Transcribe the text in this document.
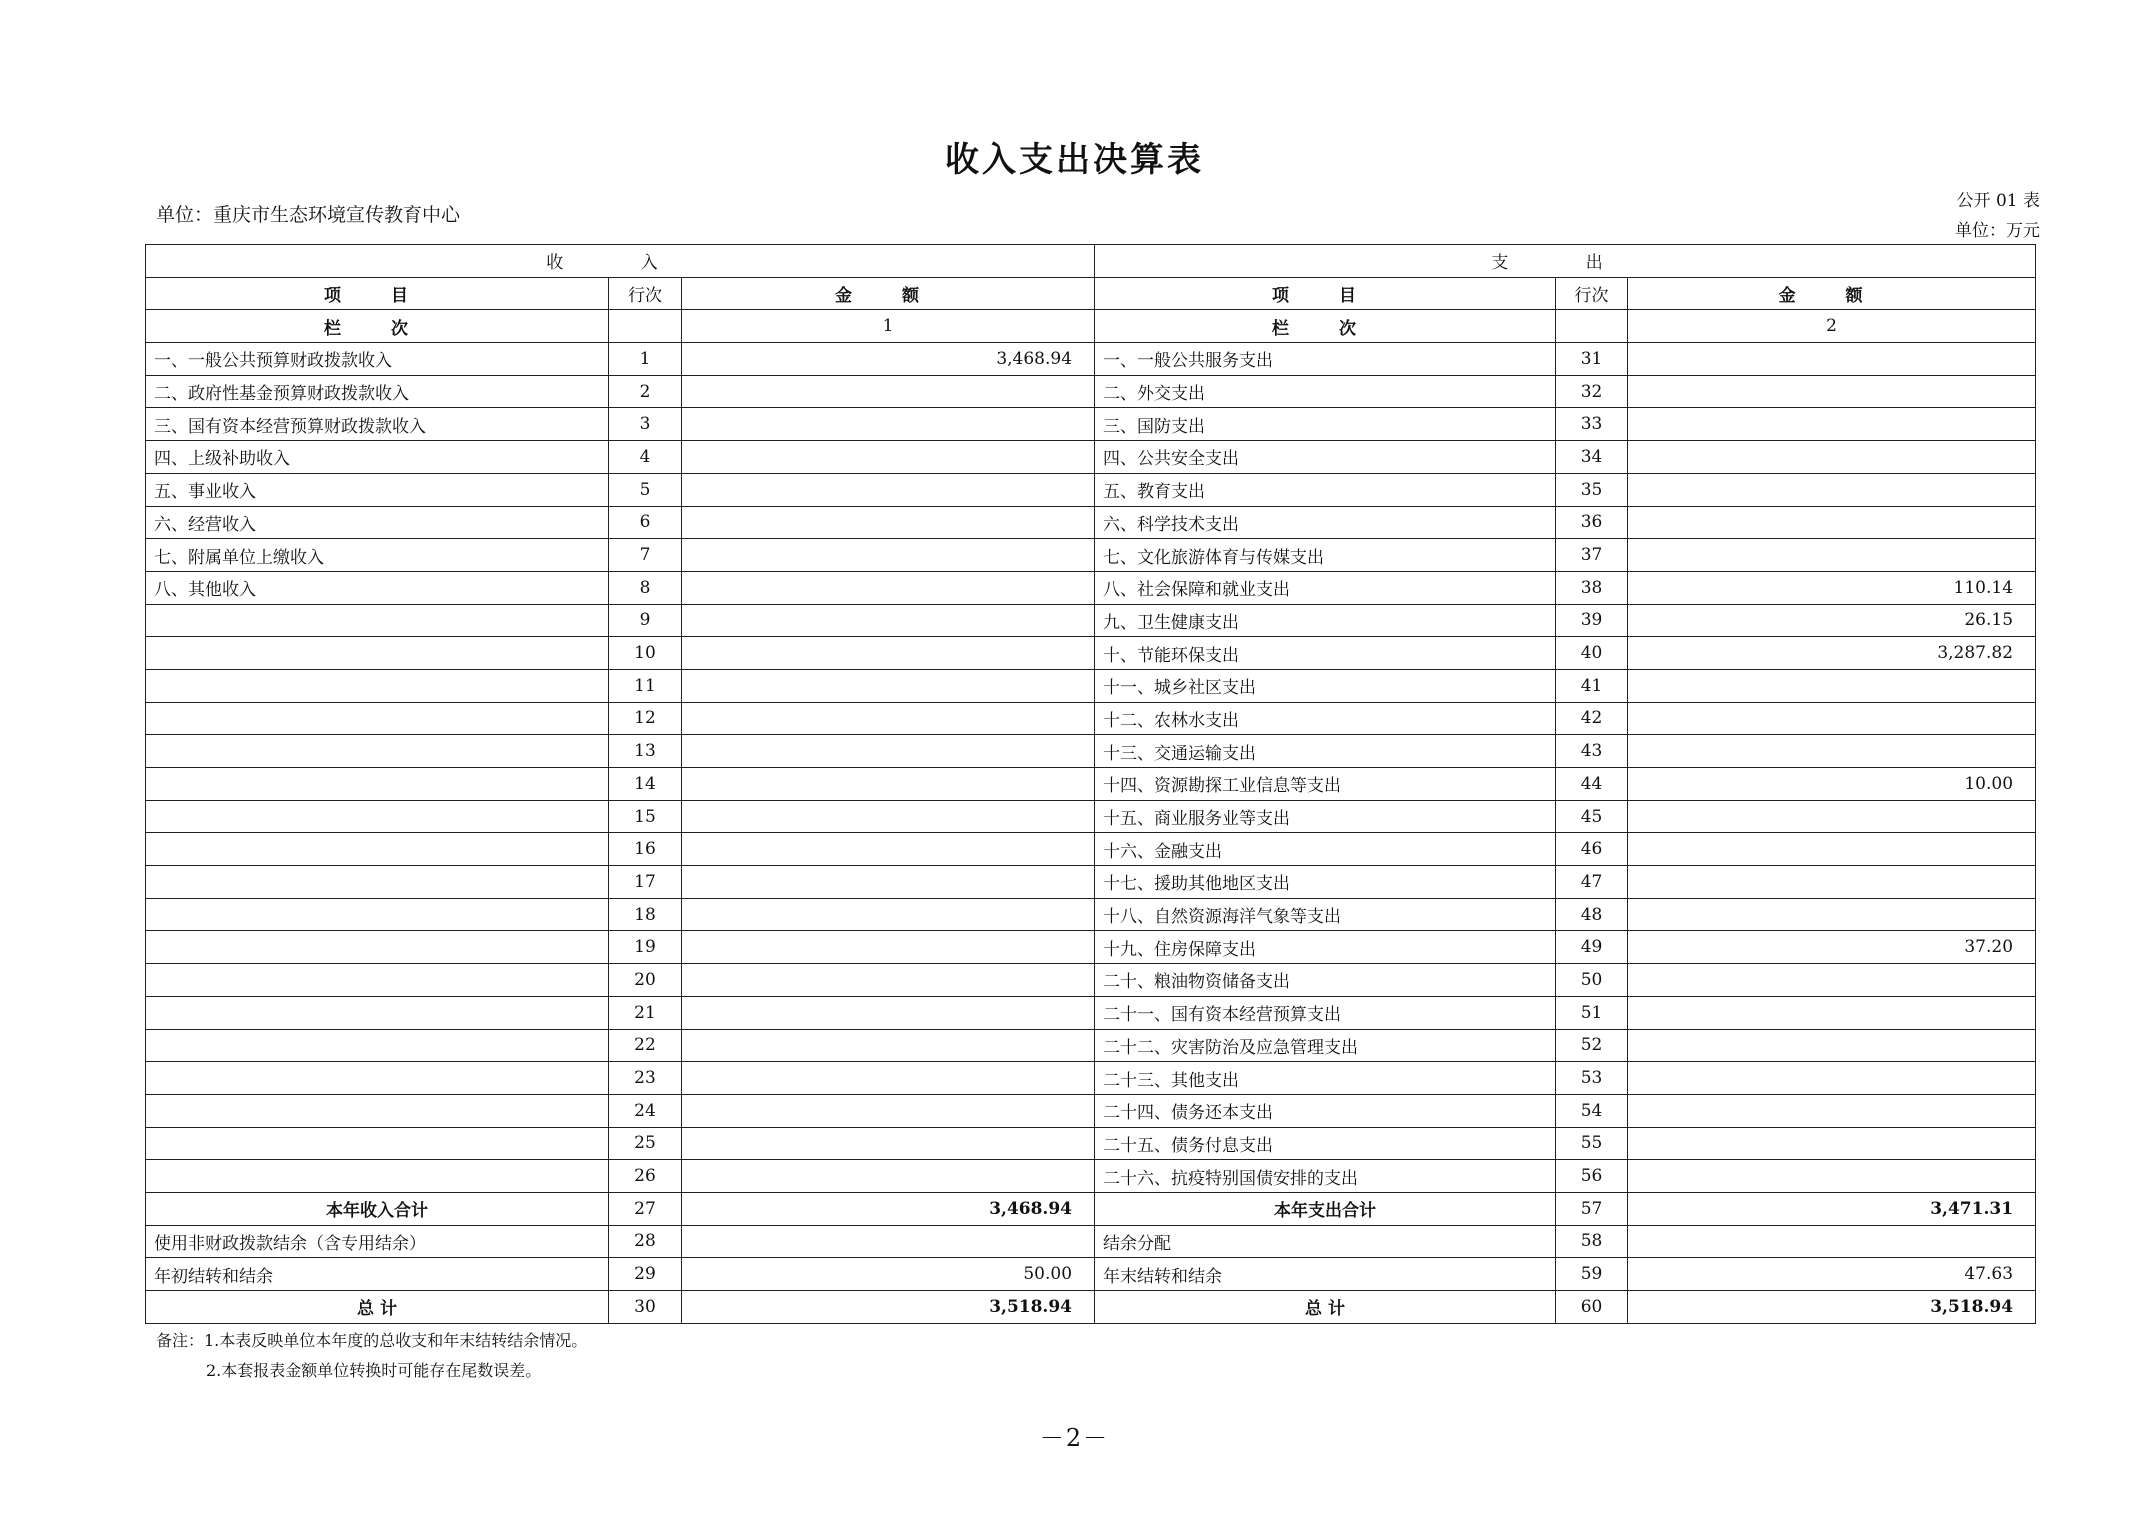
收入支出决算表
单位：重庆市生态环境宣传教育中心
公开 01 表
单位：万元
收 入			支 出		
项 目	行次	金 额	项 目	行次	金 额
栏 次		1	栏 次		2
一、一般公共预算财政拨款收入	1	3,468.94	一、一般公共服务支出	31	
二、政府性基金预算财政拨款收入	2		二、外交支出	32	
三、国有资本经营预算财政拨款收入	3		三、国防支出	33	
四、上级补助收入	4		四、公共安全支出	34	
五、事业收入	5		五、教育支出	35	
六、经营收入	6		六、科学技术支出	36	
七、附属单位上缴收入	7		七、文化旅游体育与传媒支出	37	
八、其他收入	8		八、社会保障和就业支出	38	110.14
	9		九、卫生健康支出	39	26.15
	10		十、节能环保支出	40	3,287.82
	11		十一、城乡社区支出	41	
	12		十二、农林水支出	42	
	13		十三、交通运输支出	43	
	14		十四、资源勘探工业信息等支出	44	10.00
	15		十五、商业服务业等支出	45	
	16		十六、金融支出	46	
	17		十七、援助其他地区支出	47	
	18		十八、自然资源海洋气象等支出	48	
	19		十九、住房保障支出	49	37.20
	20		二十、粮油物资储备支出	50	
	21		二十一、国有资本经营预算支出	51	
	22		二十二、灾害防治及应急管理支出	52	
	23		二十三、其他支出	53	
	24		二十四、债务还本支出	54	
	25		二十五、债务付息支出	55	
	26		二十六、抗疫特别国债安排的支出	56	
本年收入合计	27	3,468.94	本年支出合计	57	3,471.31
使用非财政拨款结余（含专用结余）	28		结余分配	58	
年初结转和结余	29	50.00	年末结转和结余	59	47.63
总 计	30	3,518.94	总 计	60	3,518.94
备注：1.本表反映单位本年度的总收支和年末结转结余情况。
2.本套报表金额单位转换时可能存在尾数误差。
－2－
